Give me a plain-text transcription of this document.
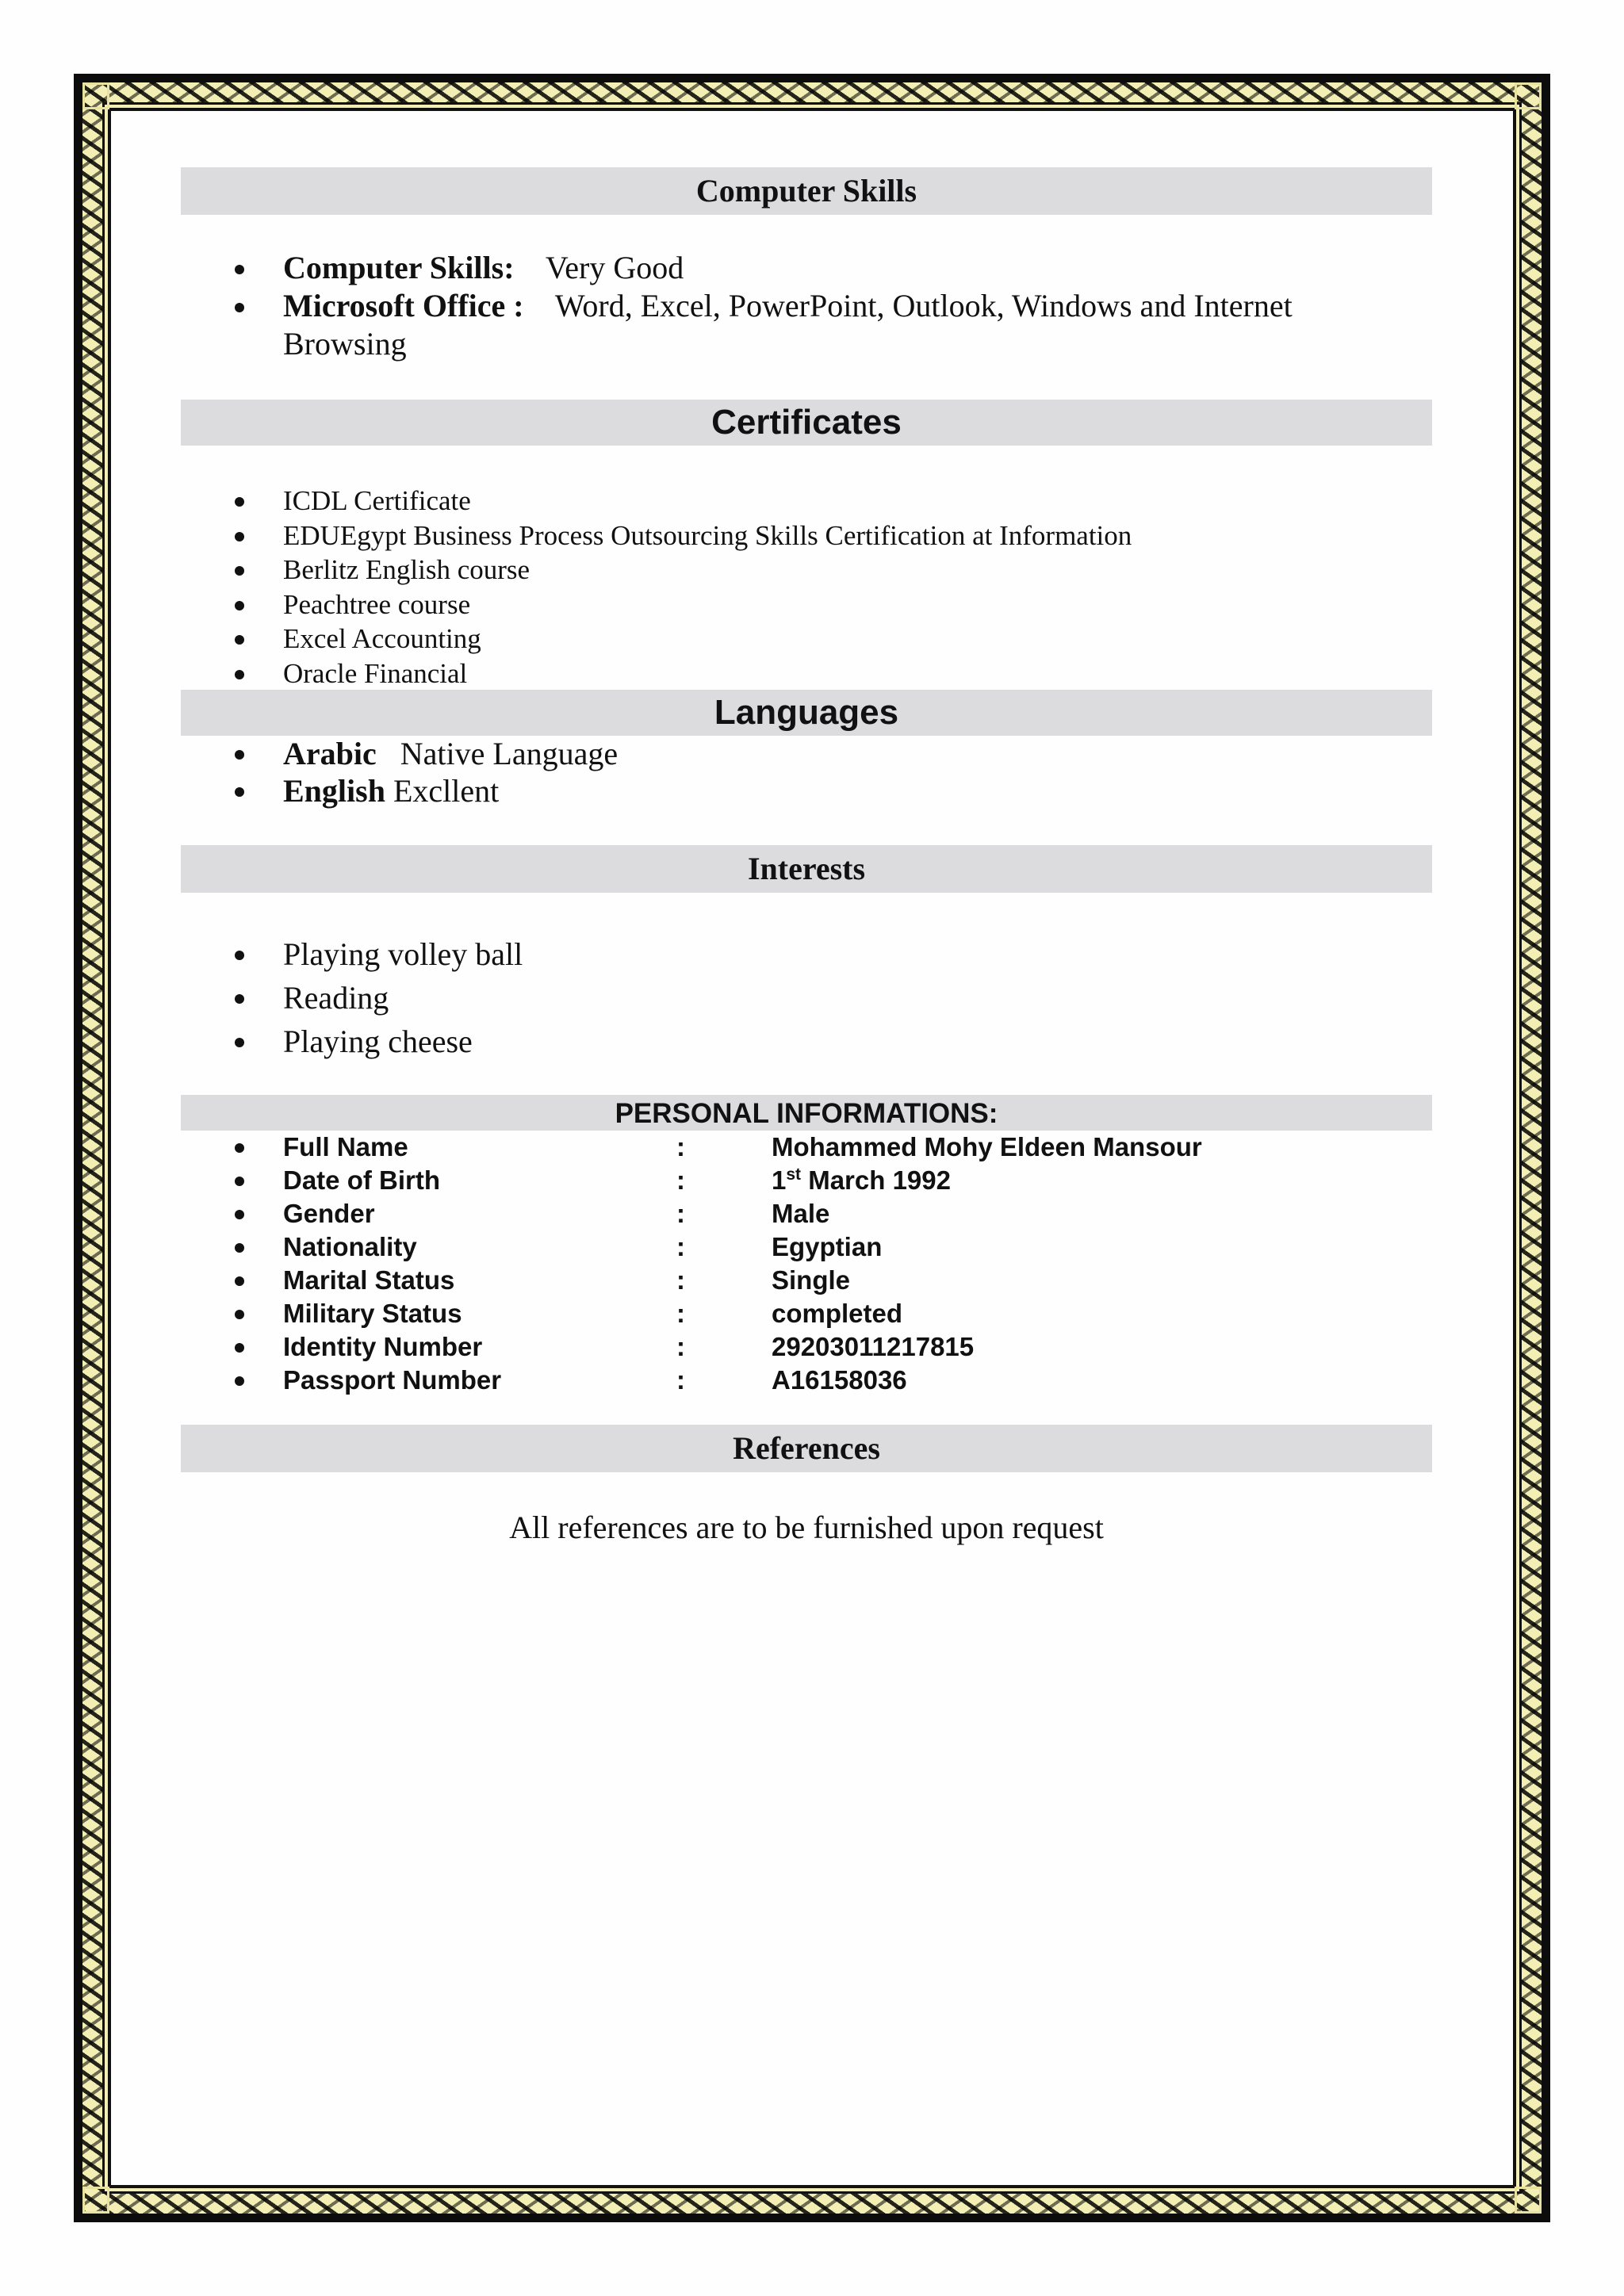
Computer Skills
Computer Skills: Very Good
Microsoft Office : Word, Excel, PowerPoint, Outlook, Windows and Internet Browsing
Certificates
ICDL Certificate
EDUEgypt Business Process Outsourcing Skills Certification at Information
Berlitz English course
Peachtree course
Excel Accounting
Oracle Financial
Languages
Arabic Native Language
English Excllent
Interests
Playing volley ball
Reading
Playing cheese
PERSONAL INFORMATIONS:
Full Name	:	Mohammed Mohy Eldeen Mansour
Date of Birth	:	1st March 1992
Gender	:	Male
Nationality	:	Egyptian
Marital Status	:	Single
Military Status	:	completed
Identity Number	:	29203011217815
Passport Number	:	A16158036
References
All references are to be furnished upon request
